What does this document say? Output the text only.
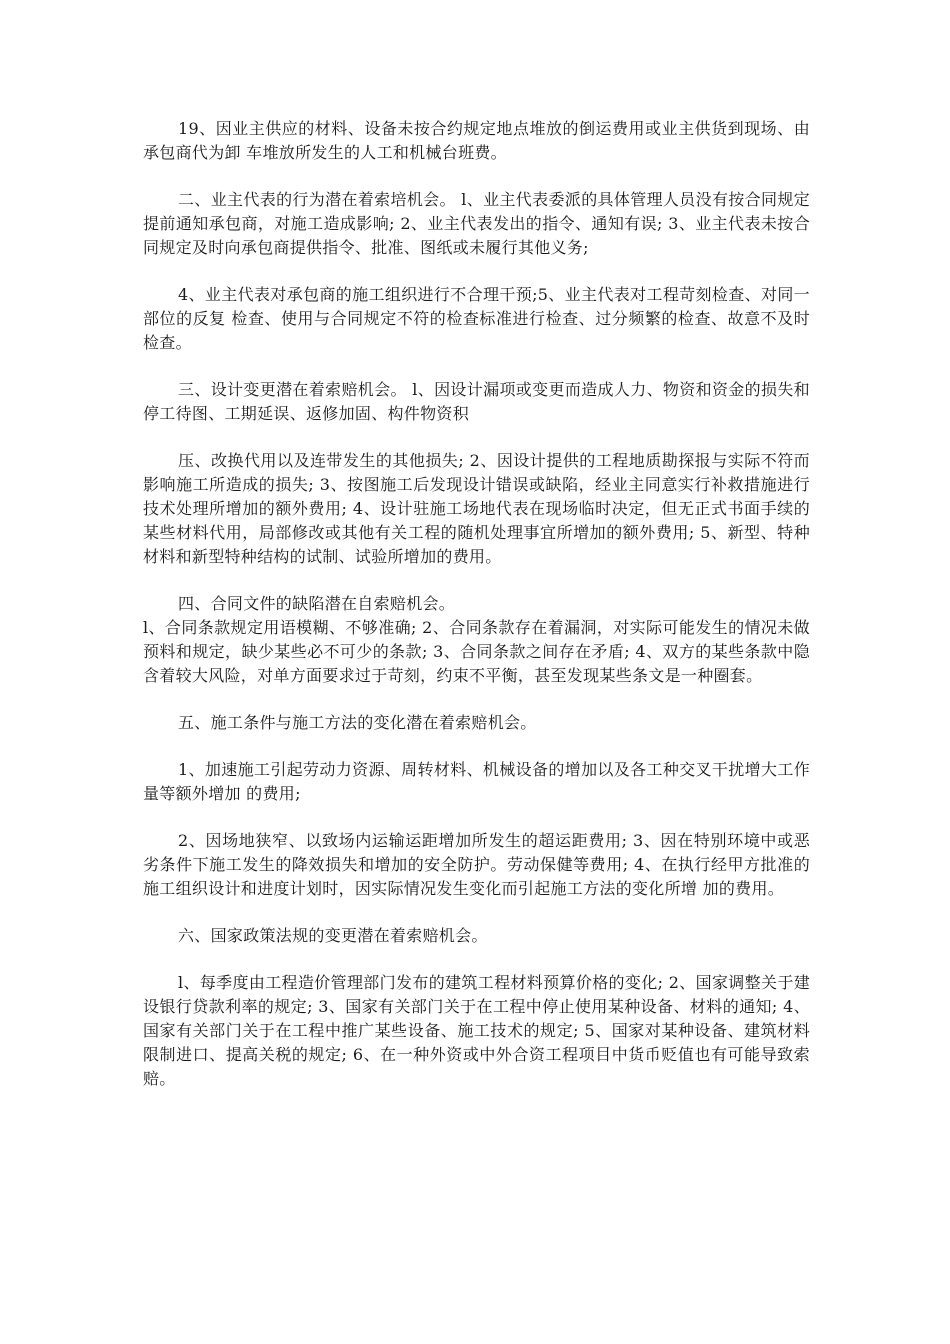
19、因业主供应的材料、设备未按合约规定地点堆放的倒运费用或业主供货到现场、由承包商代为卸 车堆放所发生的人工和机械台班费。

二、业主代表的行为潜在着索培机会。 l、业主代表委派的具体管理人员没有按合同规定提前通知承包商，对施工造成影响; 2、业主代表发出的指令、通知有误; 3、业主代表未按合同规定及时向承包商提供指令、批准、图纸或未履行其他义务;

4、业主代表对承包商的施工组织进行不合理干预;5、业主代表对工程苛刻检查、对同一部位的反复 检查、使用与合同规定不符的检查标准进行检查、过分频繁的检查、故意不及时检查。

三、设计变更潜在着索赔机会。 l、因设计漏项或变更而造成人力、物资和资金的损失和停工待图、工期延误、返修加固、构件物资积

压、改换代用以及连带发生的其他损失; 2、因设计提供的工程地质勘探报与实际不符而影响施工所造成的损失; 3、按图施工后发现设计错误或缺陷，经业主同意实行补救措施进行技术处理所增加的额外费用; 4、设计驻施工场地代表在现场临时决定，但无正式书面手续的某些材料代用，局部修改或其他有关工程的随机处理事宜所增加的额外费用; 5、新型、特种材料和新型特种结构的试制、试验所增加的费用。

四、合同文件的缺陷潜在自索赔机会。

l、合同条款规定用语模糊、不够准确; 2、合同条款存在着漏洞，对实际可能发生的情况未做预料和规定，缺少某些必不可少的条款; 3、合同条款之间存在矛盾; 4、双方的某些条款中隐含着较大风险，对单方面要求过于苛刻，约束不平衡，甚至发现某些条文是一种圈套。

五、施工条件与施工方法的变化潜在着索赔机会。

1、加速施工引起劳动力资源、周转材料、机械设备的增加以及各工种交叉干扰增大工作量等额外增加 的费用;

2、因场地狭窄、以致场内运输运距增加所发生的超运距费用; 3、因在特别环境中或恶劣条件下施工发生的降效损失和增加的安全防护。劳动保健等费用; 4、在执行经甲方批准的施工组织设计和进度计划时，因实际情况发生变化而引起施工方法的变化所增 加的费用。

六、国家政策法规的变更潜在着索赔机会。

l、每季度由工程造价管理部门发布的建筑工程材料预算价格的变化; 2、国家调整关于建设银行贷款利率的规定; 3、国家有关部门关于在工程中停止使用某种设备、材料的通知; 4、国家有关部门关于在工程中推广某些设备、施工技术的规定; 5、国家对某种设备、建筑材料限制进口、提高关税的规定; 6、在一种外资或中外合资工程项目中货币贬值也有可能导致索赔。
